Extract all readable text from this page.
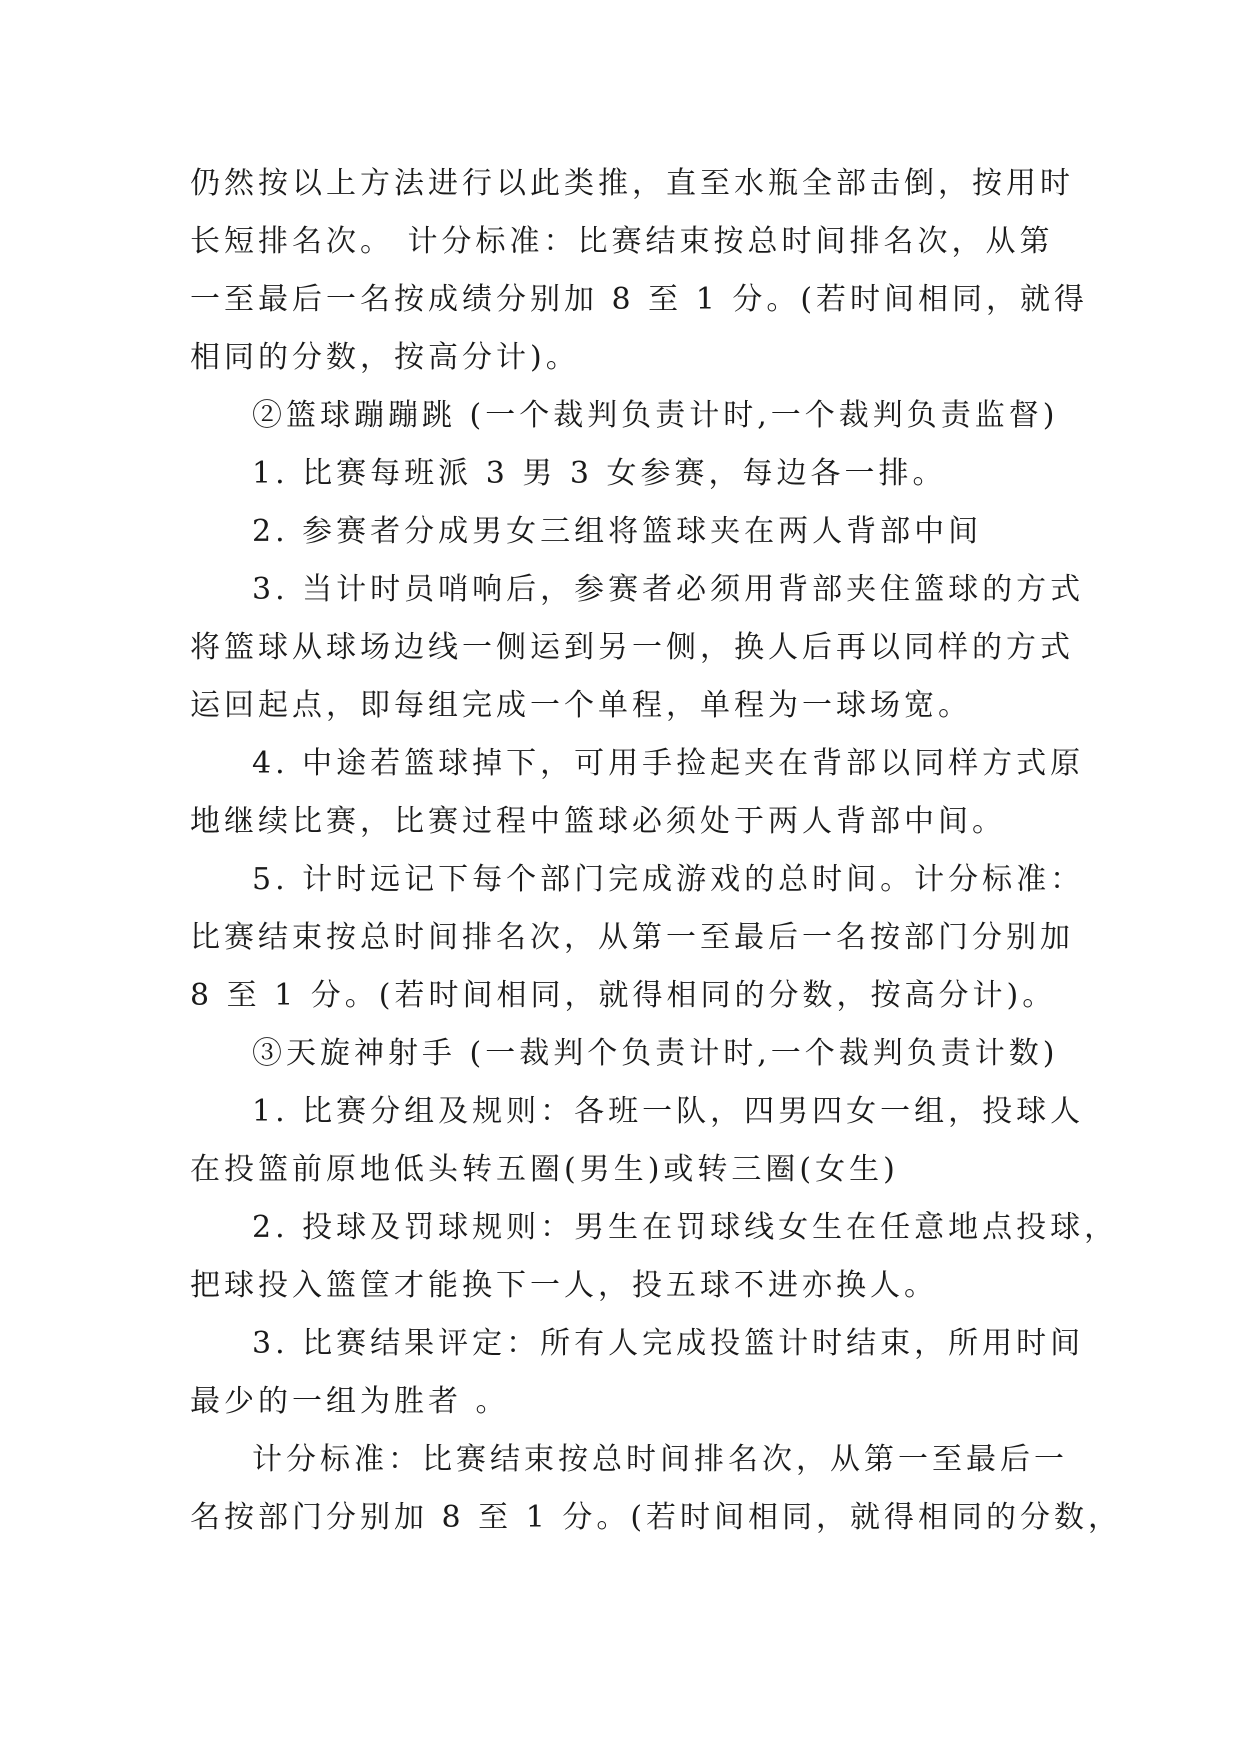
仍然按以上方法进行以此类推，直至水瓶全部击倒，按用时
长短排名次。 计分标准：比赛结束按总时间排名次，从第
一至最后一名按成绩分别加 8 至 1 分。(若时间相同，就得
相同的分数，按高分计)。
②篮球蹦蹦跳 (一个裁判负责计时,一个裁判负责监督)
1. 比赛每班派 3 男 3 女参赛，每边各一排。
2. 参赛者分成男女三组将篮球夹在两人背部中间
3. 当计时员哨响后，参赛者必须用背部夹住篮球的方式
将篮球从球场边线一侧运到另一侧，换人后再以同样的方式
运回起点，即每组完成一个单程，单程为一球场宽。
4. 中途若篮球掉下，可用手捡起夹在背部以同样方式原
地继续比赛，比赛过程中篮球必须处于两人背部中间。
5. 计时远记下每个部门完成游戏的总时间。计分标准：
比赛结束按总时间排名次，从第一至最后一名按部门分别加
8 至 1 分。(若时间相同，就得相同的分数，按高分计)。
③天旋神射手 (一裁判个负责计时,一个裁判负责计数)
1. 比赛分组及规则：各班一队，四男四女一组，投球人
在投篮前原地低头转五圈(男生)或转三圈(女生)
2. 投球及罚球规则：男生在罚球线女生在任意地点投球，
把球投入篮筐才能换下一人，投五球不进亦换人。
3. 比赛结果评定：所有人完成投篮计时结束，所用时间
最少的一组为胜者 。
计分标准：比赛结束按总时间排名次，从第一至最后一
名按部门分别加 8 至 1 分。(若时间相同，就得相同的分数，
